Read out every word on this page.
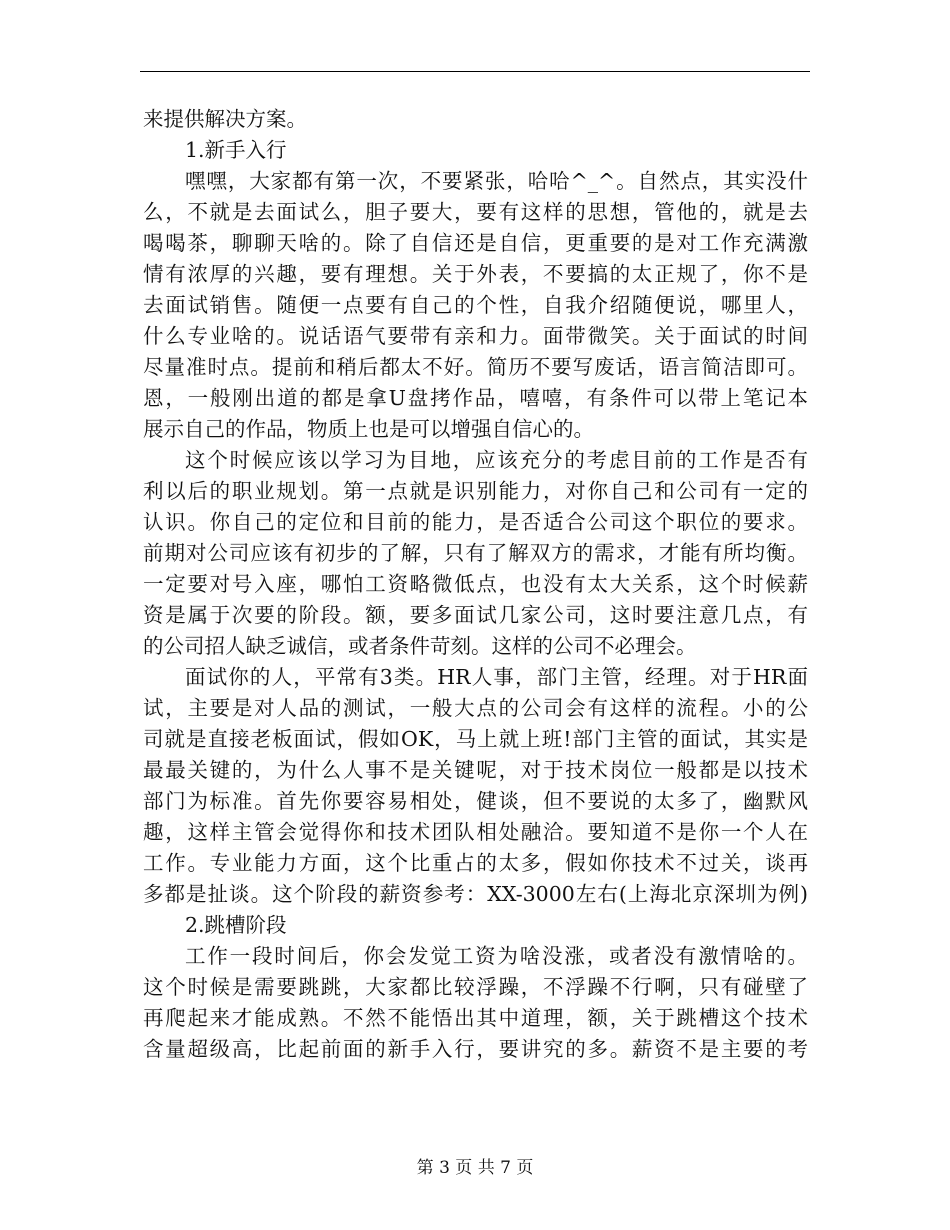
来提供解决方案。
1.新手入行
嘿嘿，大家都有第一次，不要紧张，哈哈^_^。自然点，其实没什
么，不就是去面试么，胆子要大，要有这样的思想，管他的，就是去
喝喝茶，聊聊天啥的。除了自信还是自信，更重要的是对工作充满激
情有浓厚的兴趣，要有理想。关于外表，不要搞的太正规了，你不是
去面试销售。随便一点要有自己的个性，自我介绍随便说，哪里人，
什么专业啥的。说话语气要带有亲和力。面带微笑。关于面试的时间
尽量准时点。提前和稍后都太不好。简历不要写废话，语言简洁即可。
恩，一般刚出道的都是拿U盘拷作品，嘻嘻，有条件可以带上笔记本
展示自己的作品，物质上也是可以增强自信心的。
这个时候应该以学习为目地，应该充分的考虑目前的工作是否有
利以后的职业规划。第一点就是识别能力，对你自己和公司有一定的
认识。你自己的定位和目前的能力，是否适合公司这个职位的要求。
前期对公司应该有初步的了解，只有了解双方的需求，才能有所均衡。
一定要对号入座，哪怕工资略微低点，也没有太大关系，这个时候薪
资是属于次要的阶段。额，要多面试几家公司，这时要注意几点，有
的公司招人缺乏诚信，或者条件苛刻。这样的公司不必理会。
面试你的人，平常有3类。HR人事，部门主管，经理。对于HR面
试，主要是对人品的测试，一般大点的公司会有这样的流程。小的公
司就是直接老板面试，假如OK，马上就上班!部门主管的面试，其实是
最最关键的，为什么人事不是关键呢，对于技术岗位一般都是以技术
部门为标准。首先你要容易相处，健谈，但不要说的太多了，幽默风
趣，这样主管会觉得你和技术团队相处融洽。要知道不是你一个人在
工作。专业能力方面，这个比重占的太多，假如你技术不过关，谈再
多都是扯谈。这个阶段的薪资参考：XX-3000左右(上海北京深圳为例)
2.跳槽阶段
工作一段时间后，你会发觉工资为啥没涨，或者没有激情啥的。
这个时候是需要跳跳，大家都比较浮躁，不浮躁不行啊，只有碰壁了
再爬起来才能成熟。不然不能悟出其中道理，额，关于跳槽这个技术
含量超级高，比起前面的新手入行，要讲究的多。薪资不是主要的考
第 3 页 共 7 页
